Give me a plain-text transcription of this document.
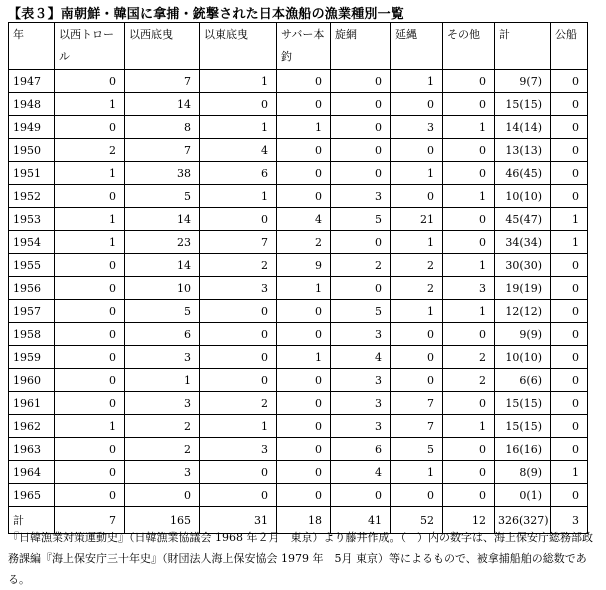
【表３】南朝鮮・韓国に拿捕・銃撃された日本漁船の漁業種別一覧
年	以西トロール	以西底曳	以東底曳	サバー本釣	旋網	延縄	その他	計	公船
1947	0	7	1	0	0	1	0	9(7)	0
1948	1	14	0	0	0	0	0	15(15)	0
1949	0	8	1	1	0	3	1	14(14)	0
1950	2	7	4	0	0	0	0	13(13)	0
1951	1	38	6	0	0	1	0	46(45)	0
1952	0	5	1	0	3	0	1	10(10)	0
1953	1	14	0	4	5	21	0	45(47)	1
1954	1	23	7	2	0	1	0	34(34)	1
1955	0	14	2	9	2	2	1	30(30)	0
1956	0	10	3	1	0	2	3	19(19)	0
1957	0	5	0	0	5	1	1	12(12)	0
1958	0	6	0	0	3	0	0	9(9)	0
1959	0	3	0	1	4	0	2	10(10)	0
1960	0	1	0	0	3	0	2	6(6)	0
1961	0	3	2	0	3	7	0	15(15)	0
1962	1	2	1	0	3	7	1	15(15)	0
1963	0	2	3	0	6	5	0	16(16)	0
1964	0	3	0	0	4	1	0	8(9)	1
1965	0	0	0	0	0	0	0	0(1)	0
計	7	165	31	18	41	52	12	326(327)	3
『日韓漁業対策運動史』（日韓漁業協議会 1968 年２月　東京）より藤井作成。（　）内の数字は、海上保安庁総務部政務課編『海上保安庁三十年史』（財団法人海上保安協会 1979 年　5月 東京）等によるもので、被拿捕船舶の総数である。
